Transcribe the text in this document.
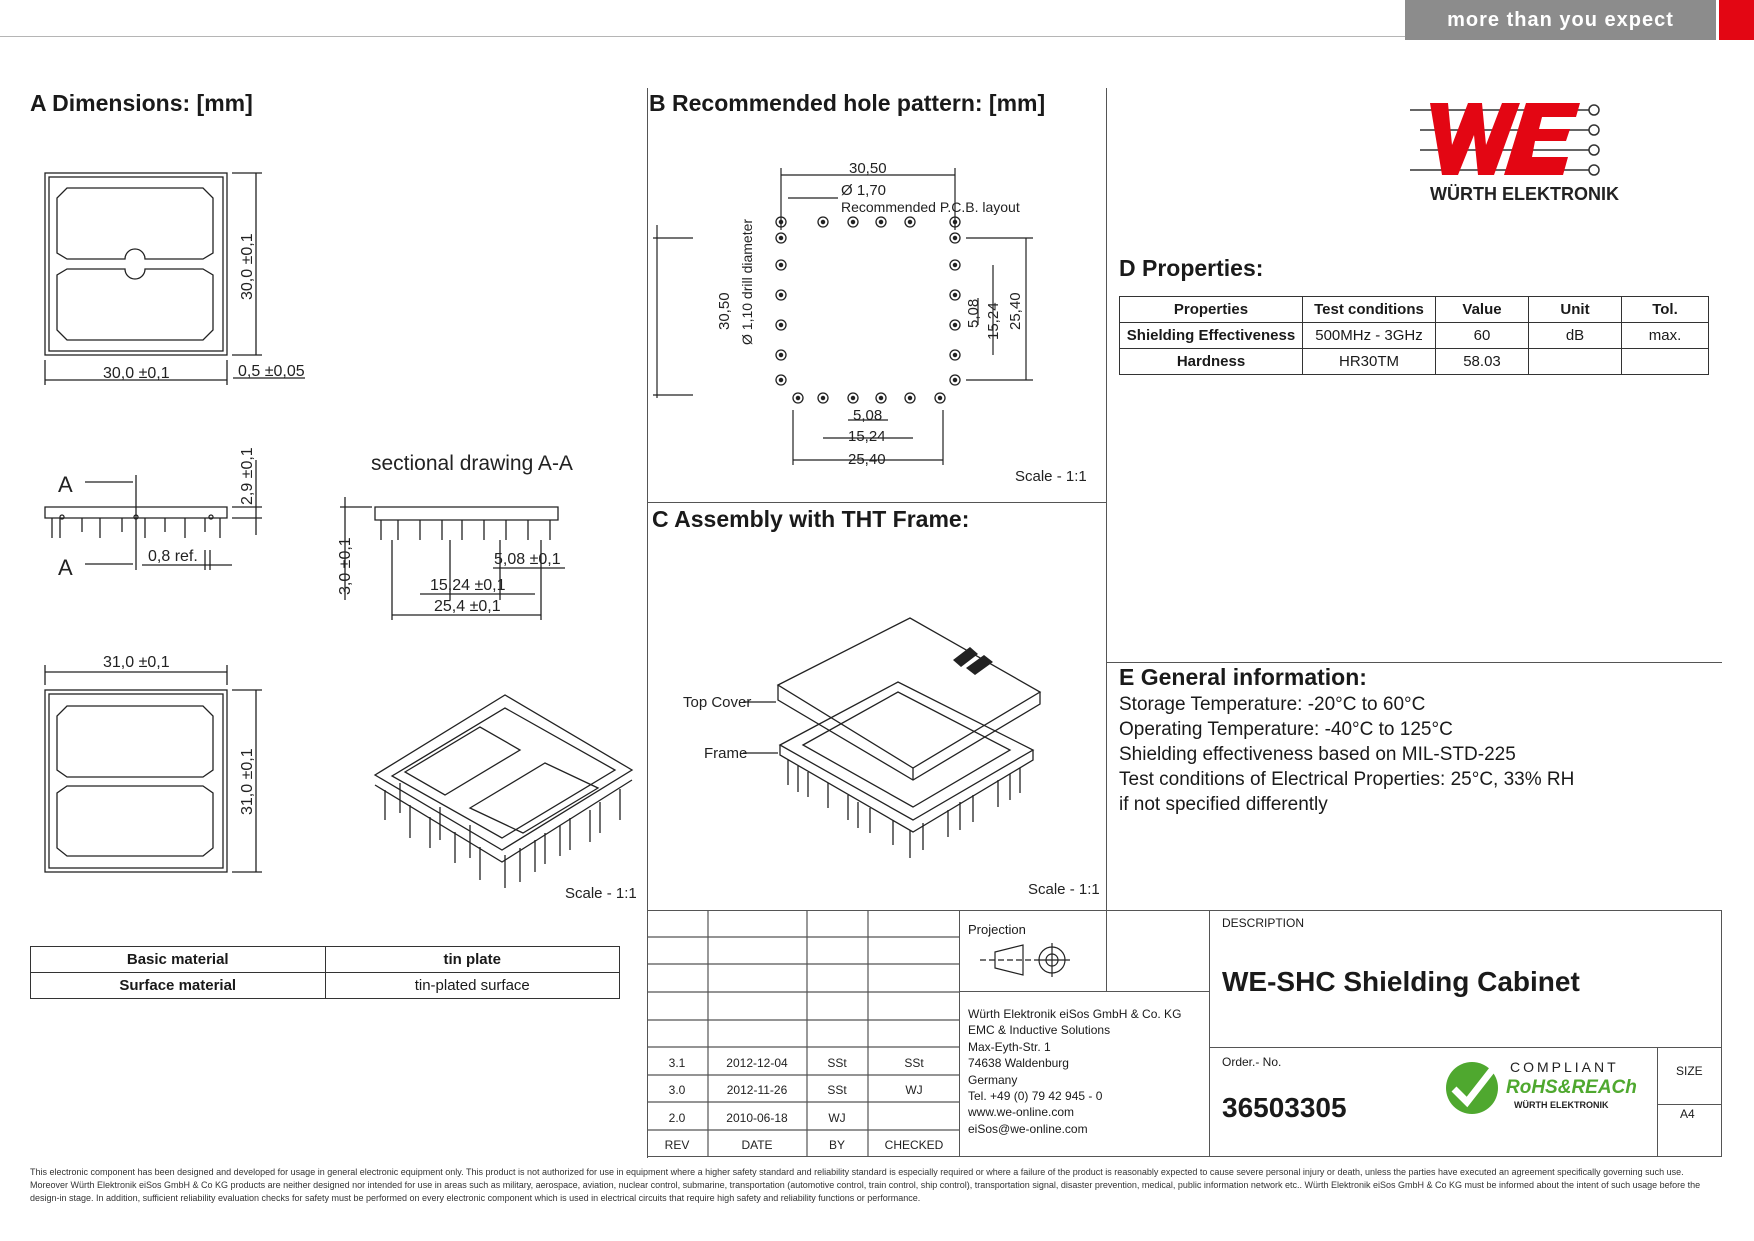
more than you expect
A Dimensions: [mm]
30,0 ±0,1	0,5 ±0,05
30,0 ±0,1
A
A	0,8 ref.
2,9 ±0,1	sectional drawing A-A
5,08 ±0,1
15,24 ±0,1
25,4 ±0,1
3,0 ±0,1
31,0 ±0,1
31,0 ±0,1
Scale - 1:1
Basic material	tin plate
Surface material	tin-plated surface
B Recommended hole pattern: [mm]
30,50
Ø 1,70
Recommended P.C.B. layout
30,50 Ø 1,10 drill diameter	5,08 15,24 25,40
5,08
15,24
25,40
Scale - 1:1
C Assembly with THT Frame:
Top Cover
Frame
Scale - 1:1
WÜRTH ELEKTRONIK
D Properties:
Properties	Test conditions	Value	Unit	Tol.
Shielding Effectiveness	500MHz - 3GHz	60	dB	max.
Hardness	HR30TM	58.03		
E General information:

Storage Temperature: -20°C to 60°C

Operating Temperature: -40°C to 125°C

Shielding effectiveness based on MIL-STD-225

Test conditions of Electrical Properties: 25°C, 33% RH

if not specified differently

3.1	2012-12-04	SSt	SSt
3.0	2012-11-26	SSt	WJ
2.0	2010-06-18	WJ
REV	DATE	BY	CHECKED
Projection
Würth Elektronik eiSos GmbH & Co. KG
EMC & Inductive Solutions
Max-Eyth-Str. 1
74638 Waldenburg
Germany
Tel. +49 (0) 79 42 945 - 0
www.we-online.com
eiSos@we-online.com
DESCRIPTION
WE-SHC Shielding Cabinet
Order.- No.
36503305
COMPLIANT
RoHS&REACh
WÜRTH ELEKTRONIK
SIZE
A4
This electronic component has been designed and developed for usage in general electronic equipment only. This product is not authorized for use in equipment where a higher safety standard and reliability standard is especially required or where a failure of the product is reasonably expected to cause severe personal injury or death, unless the parties have executed an agreement specifically governing such use. Moreover Würth Elektronik eiSos GmbH & Co KG products are neither designed nor intended for use in areas such as military, aerospace, aviation, nuclear control, submarine, transportation (automotive control, train control, ship control), transportation signal, disaster prevention, medical, public information network etc.. Würth Elektronik eiSos GmbH & Co KG must be informed about the intent of such usage before the design-in stage. In addition, sufficient reliability evaluation checks for safety must be performed on every electronic component which is used in electrical circuits that require high safety and reliability functions or performance.
